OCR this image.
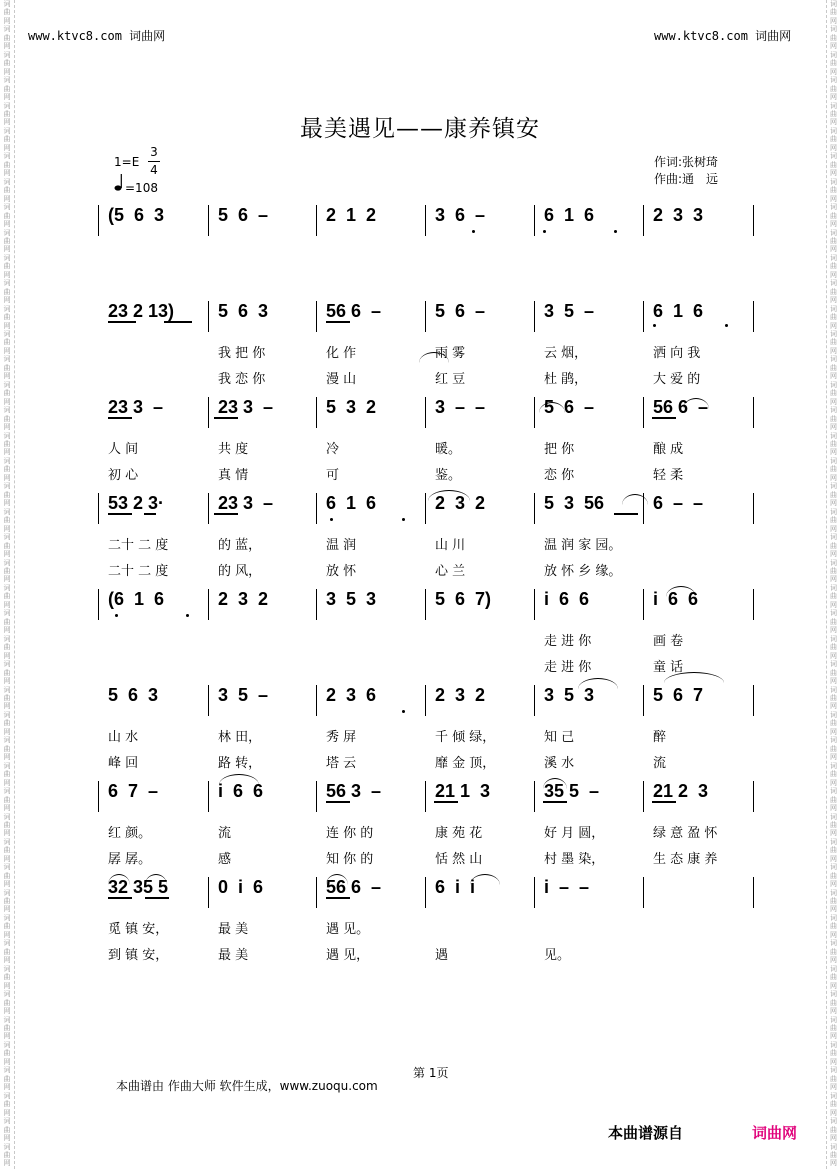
词
曲
网
词
曲
网
词
曲
网
词
曲
网
词
曲
网
词
曲
网
词
曲
网
词
曲
网
词
曲
网
词
曲
网
词
曲
网
词
曲
网
词
曲
网
词
曲
网
词
曲
网
词
曲
网
词
曲
网
词
曲
网
词
曲
网
词
曲
网
词
曲
网
词
曲
网
词
曲
网
词
曲
网
词
曲
网
词
曲
网
词
曲
网
词
曲
网
词
曲
网
词
曲
网
词
曲
网
词
曲
网
词
曲
网
词
曲
网
词
曲
网
词
曲
网
词
曲
网
词
曲
网
词
曲
网
词
曲
网
词
曲
网
词
曲
网
词
曲
网
词
曲
网
词
曲
网
词
曲
网
词
曲
网
词
曲
网
词
曲
网
词
曲
网
词
曲
网
词
曲
网
词
曲
网
词
曲
网
词
曲
网
词
曲
网
词
曲
网
词
曲
网
词
曲
网
词
曲
网
词
曲
网
词
曲
网
词
曲
网
词
曲
网
词
曲
网
词
曲
网
词
曲
网
词
曲
网
词
曲
网
词
曲
网
词
曲
网
词
曲
网
词
曲
网
词
曲
网
词
曲
网
词
曲
网
词
曲
网
词
曲
网
词
曲
网
词
曲
网
词
曲
网
词
曲
网
词
曲
网
词
曲
网
词
曲
网
词
曲
网
词
曲
网
词
曲
网
词
曲
网
词
曲
网
词
曲
网
词
曲
网
www.ktvc8.com 词曲网	www.ktvc8.com 词曲网
最美遇见——康养镇安
1=E
3
4
=108
作词:张树琦
作曲:通　远
(5  6  3	5  6  –	2  1  2	3  6  –	6  1  6	2  3  3
23 2 13) 5  6  3	56 6  –	5  6  –	3  5  –	6  1  6
23 3  –	23 3  –	5  3  2	3  –  –	5  6  –	56 6  –
53 2 3·	23 3  –	6  1  6	2  3  2	5  3  56	6  –  –
(6  1  6	2  3  2	3  5  3	5  6  7)	i  6  6	i  6  6
5  6  3	3  5  –	2  3  6	2  3  2	3  5  3	5  6  7
6  7  –	i  6  6	56 3  –	21 1  3	35 5  –	21 2  3
32 35 5	0  i  6	56 6  –	6  i  i	i  –  –
我 把 你	化 作	雨 雾	云 烟，	洒 向 我
我 恋 你	漫 山	红 豆	杜 鹃，	大 爱 的
人 间	共 度	冷	暖。	把 你	酿 成
初 心	真 情	可	鉴。	恋 你	轻 柔
二十 二 度	的 蓝，	温 润	山 川	温 润 家 园。
二十 二 度	的 风，	放 怀	心 兰	放 怀 乡 缘。
走 进 你	画 卷
走 进 你	童 话
山 水	林 田，	秀 屏	千 倾 绿，	知 己	醉
峰 回	路 转，	塔 云	靡 金 顶，	溪 水	流
红 颜。	流	连 你 的	康 苑 花	好 月 圆，	绿 意 盈 怀
孱 孱。	感	知 你 的	恬 然 山	村 墨 染，	生 态 康 养
觅 镇 安，	最 美	遇 见。
到 镇 安，	最 美	遇 见，	遇	见。
第 1页
本曲谱由 作曲大师 软件生成，www.zuoqu.com
本曲谱源自	词曲网
